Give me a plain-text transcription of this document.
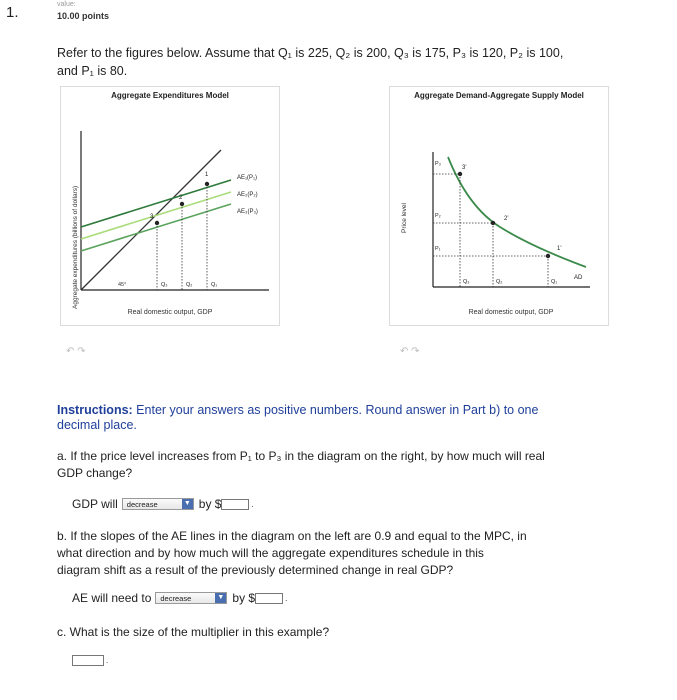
1.	value:
10.00 points
Refer to the figures below. Assume that Q₁ is 225, Q₂ is 200, Q₃ is 175, P₃ is 120, P₂ is 100,
and P₁ is 80.
Aggregate Expenditures Model
Aggregate expenditures (billions of dollars)	45°
AE₁(P₁)
AE₂(P₂)
AE₃(P₃)
1
2
3
Q₃	Q₂	Q₁
Real domestic output, GDP
↶ ↷
Aggregate Demand-Aggregate Supply Model
Price level
AD
3'
2'
1'
P₃
P₂
P₁
Q₃	Q₂	Q₁
Real domestic output, GDP
↶ ↷
Instructions: Enter your answers as positive numbers. Round answer in Part b) to one
decimal place.
a. If the price level increases from P₁ to P₃ in the diagram on the right, by how much will real
GDP change?
GDP will decrease	▼ by $	.
b. If the slopes of the AE lines in the diagram on the left are 0.9 and equal to the MPC, in
what direction and by how much will the aggregate expenditures schedule in this
diagram shift as a result of the previously determined change in real GDP?
AE will need to decrease	▼ by $	.
c. What is the size of the multiplier in this example?
.
